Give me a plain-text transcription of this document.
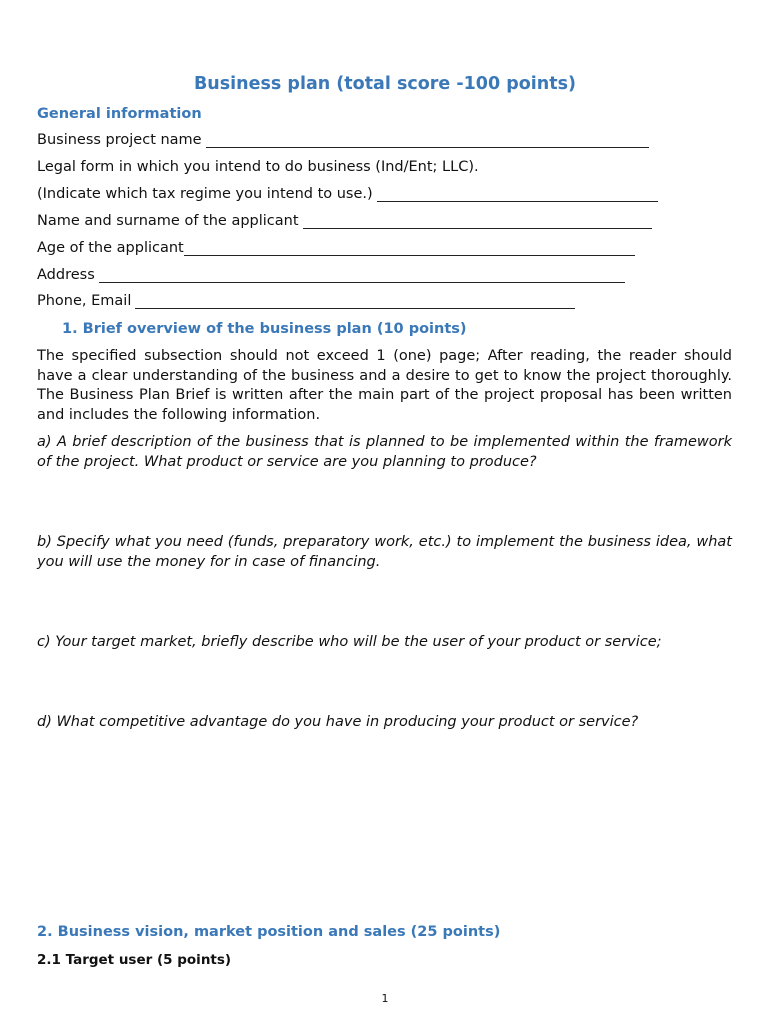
Business plan (total score -100 points)
General information
Business project name
Legal form in which you intend to do business (Ind/Ent; LLC).
(Indicate which tax regime you intend to use.)
Name and surname of the applicant
Age of the applicant
Address
Phone, Email
1. Brief overview of the business plan (10 points)
The specified subsection should not exceed 1 (one) page; After reading, the reader should have a clear understanding of the business and a desire to get to know the project thoroughly. The Business Plan Brief is written after the main part of the project proposal has been written and includes the following information.
a) A brief description of the business that is planned to be implemented within the framework of the project. What product or service are you planning to produce?
b) Specify what you need (funds, preparatory work, etc.) to implement the business idea, what you will use the money for in case of financing.
c) Your target market, briefly describe who will be the user of your product or service;
d) What competitive advantage do you have in producing your product or service?
2. Business vision, market position and sales (25 points)
2.1 Target user (5 points)
1
